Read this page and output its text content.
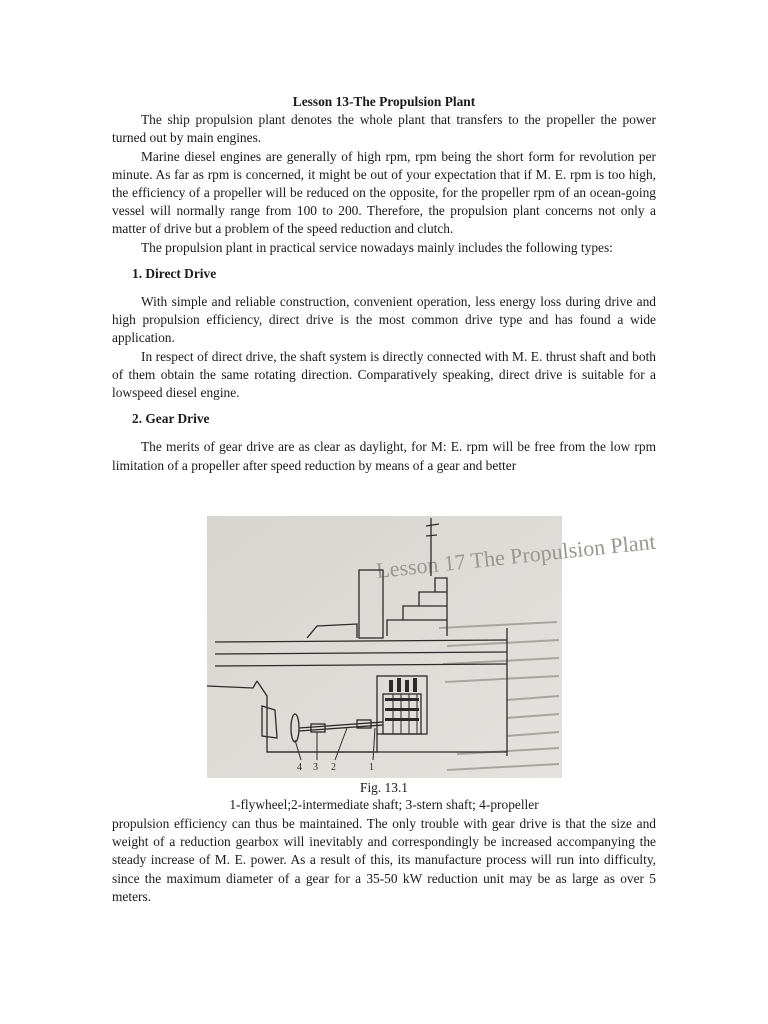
Lesson 13-The Propulsion Plant

The ship propulsion plant denotes the whole plant that transfers to the propeller the power turned out by main engines.

Marine diesel engines are generally of high rpm, rpm being the short form for revolution per minute. As far as rpm is concerned, it might be out of your expectation that if M. E. rpm is too high, the efficiency of a propeller will be reduced on the opposite, for the propeller rpm of an ocean-going vessel will normally range from 100 to 200. Therefore, the propulsion plant concerns not only a matter of drive but a problem of the speed reduction and clutch.

The propulsion plant in practical service nowadays mainly includes the following types:

1. Direct Drive

With simple and reliable construction, convenient operation, less energy loss during drive and high propulsion efficiency, direct drive is the most common drive type and has found a wide application.

In respect of direct drive, the shaft system is directly connected with M. E. thrust shaft and both of them obtain the same rotating direction. Comparatively speaking, direct drive is suitable for a lowspeed diesel engine.

2. Gear Drive

The merits of gear drive are as clear as daylight, for M: E. rpm will be free from the low rpm limitation of a propeller after speed reduction by means of a gear and better

Lesson 17 The Propulsion Plant
4 3 2	1
Fig. 13.1
1-flywheel;2-intermediate shaft; 3-stern shaft; 4-propeller

propulsion efficiency can thus be maintained. The only trouble with gear drive is that the size and weight of a reduction gearbox will inevitably and correspondingly be increased accompanying the steady increase of M. E. power. As a result of this, its manufacture process will run into difficulty, since the maximum diameter of a gear for a 35-50 kW reduction unit may be as large as over 5 meters.
